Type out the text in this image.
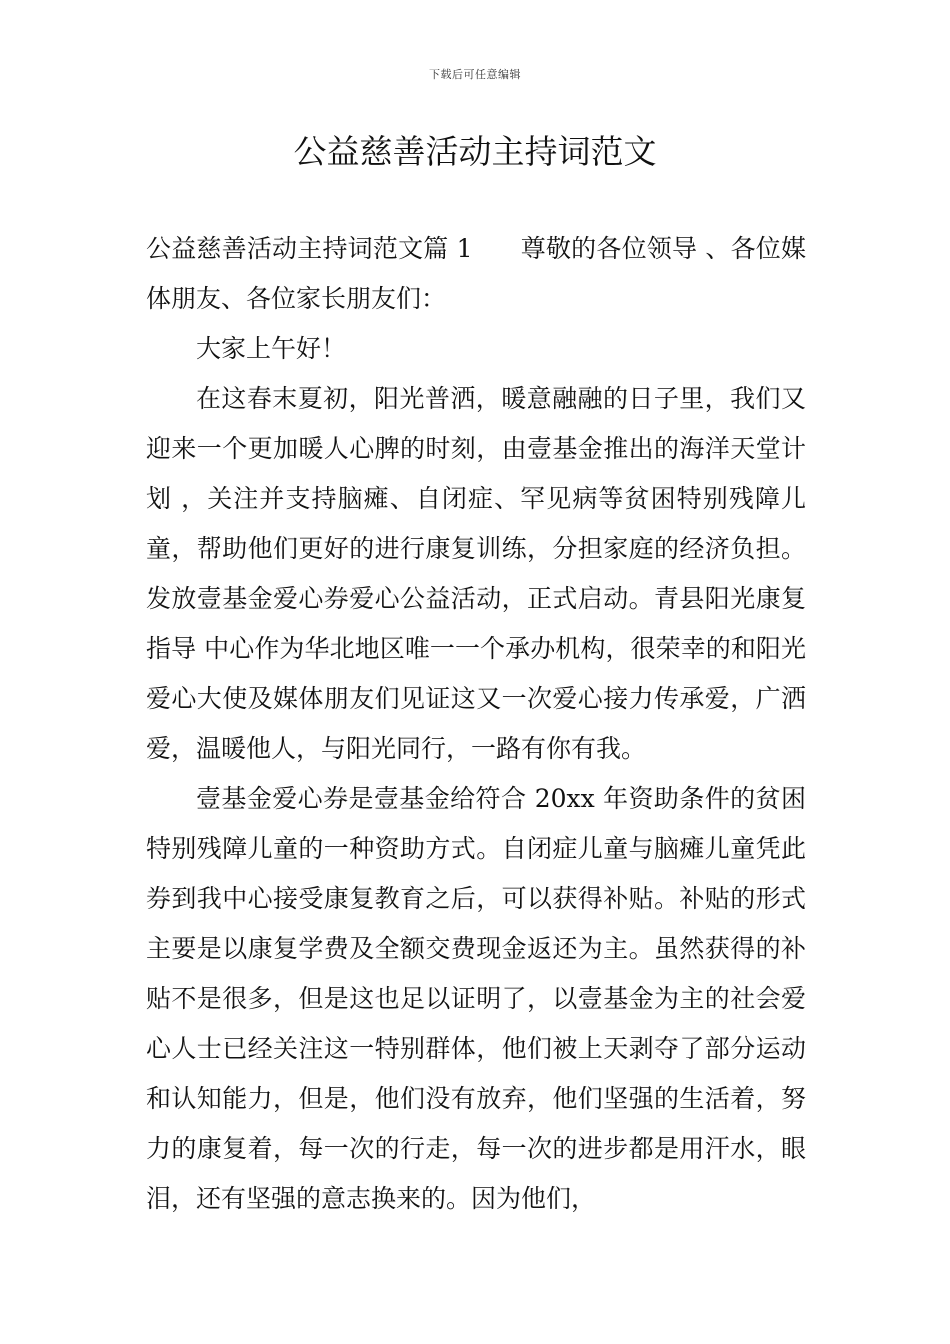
下载后可任意编辑
公益慈善活动主持词范文

公益慈善活动主持词范文篇 1 尊敬的各位领导 、各位媒体朋友、各位家长朋友们：

大家上午好！

在这春末夏初，阳光普洒，暖意融融的日子里，我们又迎来一个更加暖人心脾的时刻，由壹基金推出的海洋天堂计划 ，关注并支持脑瘫、自闭症、罕见病等贫困特别残障儿童，帮助他们更好的进行康复训练，分担家庭的经济负担。发放壹基金爱心券爱心公益活动，正式启动。青县阳光康复指导 中心作为华北地区唯一一个承办机构，很荣幸的和阳光爱心大使及媒体朋友们见证这又一次爱心接力传承爱，广洒爱，温暖他人，与阳光同行，一路有你有我。

壹基金爱心券是壹基金给符合 20xx 年资助条件的贫困特别残障儿童的一种资助方式。自闭症儿童与脑瘫儿童凭此券到我中心接受康复教育之后，可以获得补贴。补贴的形式主要是以康复学费及全额交费现金返还为主。虽然获得的补贴不是很多，但是这也足以证明了，以壹基金为主的社会爱心人士已经关注这一特别群体，他们被上天剥夺了部分运动和认知能力，但是，他们没有放弃，他们坚强的生活着，努力的康复着，每一次的行走，每一次的进步都是用汗水，眼泪，还有坚强的意志换来的。因为他们，
